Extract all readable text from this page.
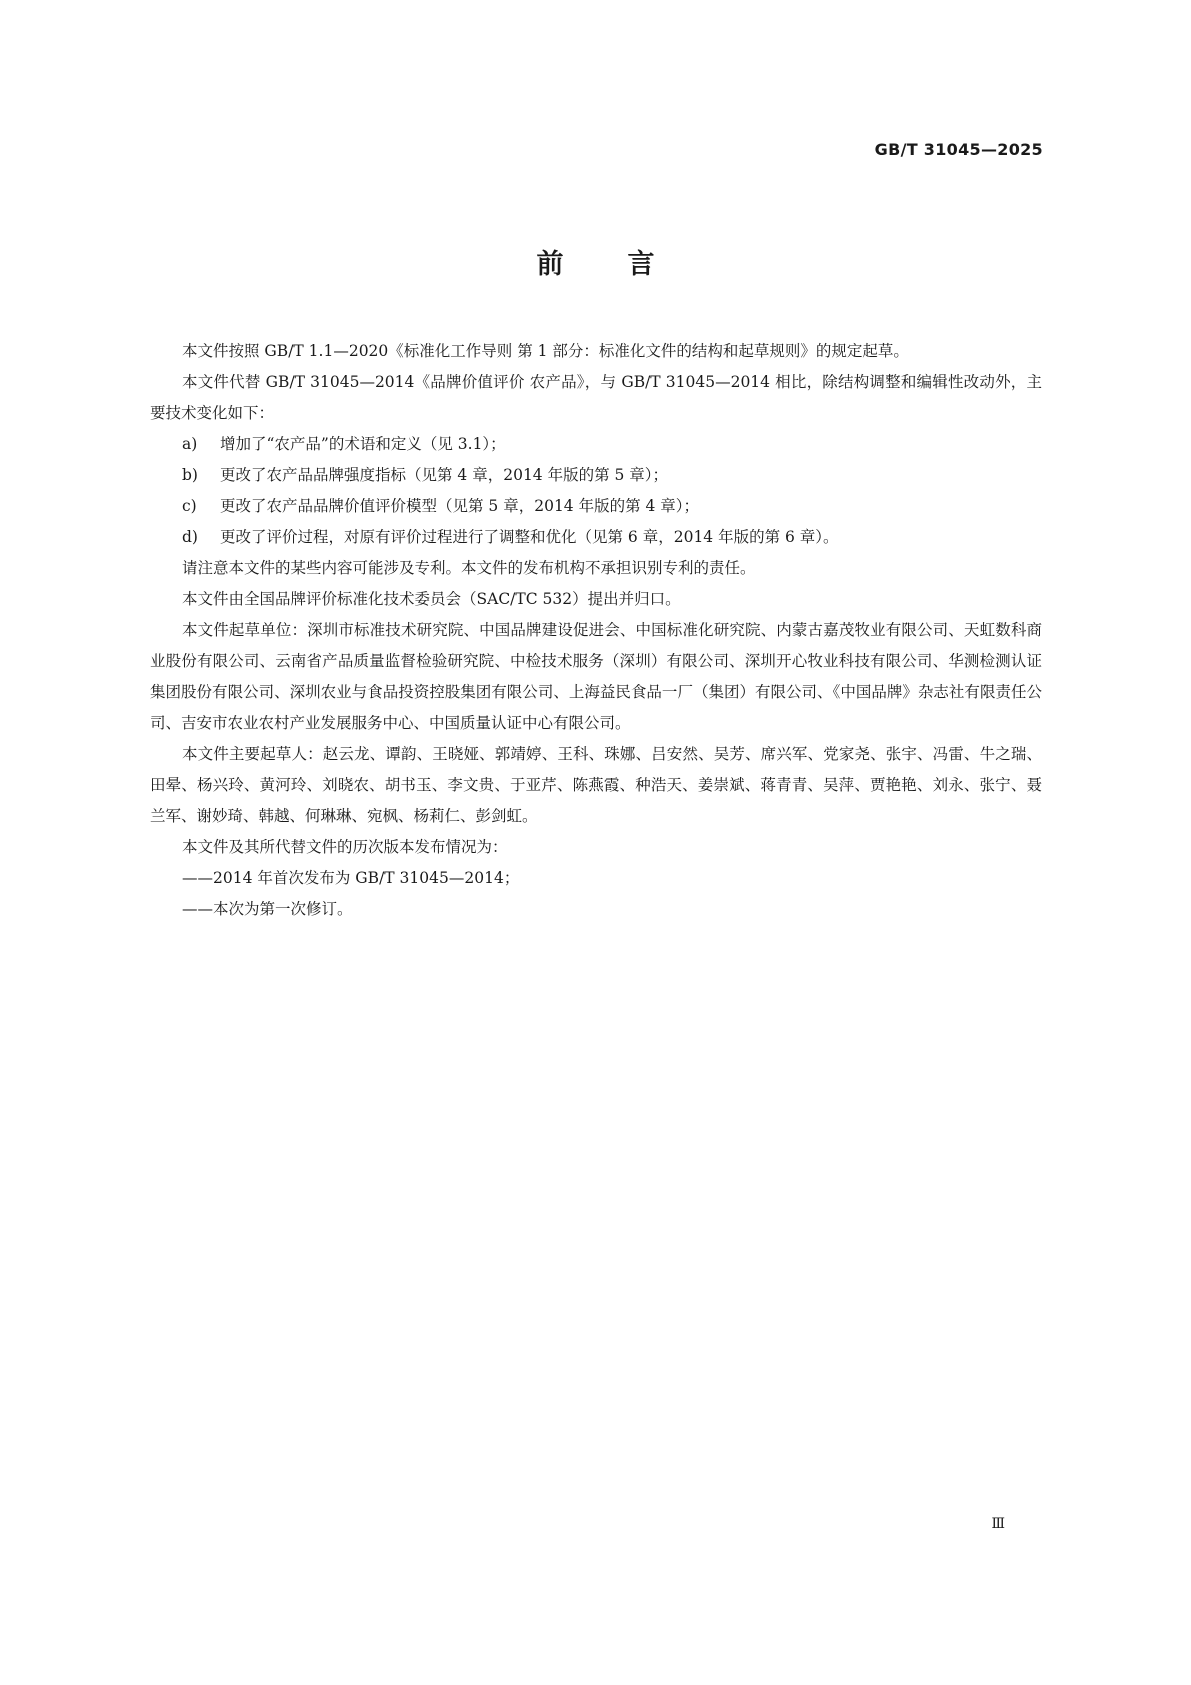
GB/T 31045—2025
前 言

本文件按照 GB/T 1.1—2020《标准化工作导则 第 1 部分：标准化文件的结构和起草规则》的规定起草。

本文件代替 GB/T 31045—2014《品牌价值评价 农产品》，与 GB/T 31045—2014 相比，除结构调整和编辑性改动外，主要技术变化如下：

a) 增加了“农产品”的术语和定义（见 3.1）；
b) 更改了农产品品牌强度指标（见第 4 章，2014 年版的第 5 章）；
c) 更改了农产品品牌价值评价模型（见第 5 章，2014 年版的第 4 章）；
d) 更改了评价过程，对原有评价过程进行了调整和优化（见第 6 章，2014 年版的第 6 章）。

请注意本文件的某些内容可能涉及专利。本文件的发布机构不承担识别专利的责任。

本文件由全国品牌评价标准化技术委员会（SAC/TC 532）提出并归口。

本文件起草单位：深圳市标准技术研究院、中国品牌建设促进会、中国标准化研究院、内蒙古嘉茂牧业有限公司、天虹数科商业股份有限公司、云南省产品质量监督检验研究院、中检技术服务（深圳）有限公司、深圳开心牧业科技有限公司、华测检测认证集团股份有限公司、深圳农业与食品投资控股集团有限公司、上海益民食品一厂（集团）有限公司、《中国品牌》杂志社有限责任公司、吉安市农业农村产业发展服务中心、中国质量认证中心有限公司。

本文件主要起草人：赵云龙、谭韵、王晓娅、郭靖婷、王科、珠娜、吕安然、吴芳、席兴军、党家尧、张宇、冯雷、牛之瑞、田晕、杨兴玲、黄河玲、刘晓农、胡书玉、李文贵、于亚芹、陈燕霞、种浩天、姜崇斌、蒋青青、吴萍、贾艳艳、刘永、张宁、聂兰军、谢妙琦、韩越、何琳琳、宛枫、杨莉仁、彭剑虹。

本文件及其所代替文件的历次版本发布情况为：

——2014 年首次发布为 GB/T 31045—2014；
——本次为第一次修订。
Ⅲ
